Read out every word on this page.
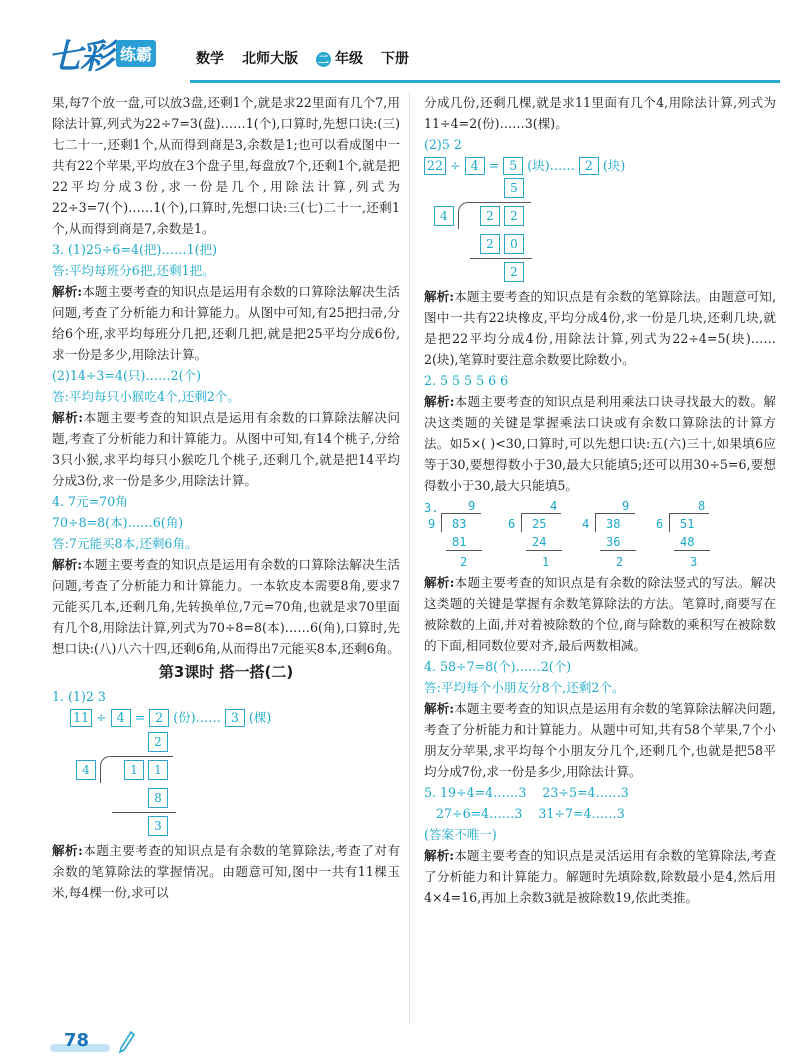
七彩 练霸	数学 北师大版 二 年级 下册

果,每7个放一盘,可以放3盘,还剩1个,就是求22里面有几个7,用除法计算,列式为22÷7=3(盘)……1(个),口算时,先想口诀:(三)七二十一,还剩1个,从而得到商是3,余数是1;也可以看成图中一共有22个苹果,平均放在3个盘子里,每盘放7个,还剩1个,就是把22平均分成3份,求一份是几个,用除法计算,列式为22÷3=7(个)……1(个),口算时,先想口诀:三(七)二十一,还剩1个,从而得到商是7,余数是1。

3. (1)25÷6=4(把)……1(把)

答:平均每班分6把,还剩1把。

解析:本题主要考查的知识点是运用有余数的口算除法解决生活问题,考查了分析能力和计算能力。从图中可知,有25把扫帚,分给6个班,求平均每班分几把,还剩几把,就是把25平均分成6份,求一份是多少,用除法计算。

(2)14÷3=4(只)……2(个)

答:平均每只小猴吃4个,还剩2个。

解析:本题主要考查的知识点是运用有余数的口算除法解决问题,考查了分析能力和计算能力。从图中可知,有14个桃子,分给3只小猴,求平均每只小猴吃几个桃子,还剩几个,就是把14平均分成3份,求一份是多少,用除法计算。

4. 7元=70角

70÷8=8(本)……6(角)

答:7元能买8本,还剩6角。

解析:本题主要考查的知识点是运用有余数的口算除法解决生活问题,考查了分析能力和计算能力。一本软皮本需要8角,要求7元能买几本,还剩几角,先转换单位,7元=70角,也就是求70里面有几个8,用除法计算,列式为70÷8=8(本)……6(角),口算时,先想口诀:(八)八六十四,还剩6角,从而得出7元能买8本,还剩6角。

第3课时 搭一搭(二)

1. (1)2 3

11 ÷ 4 = 2 (份)…… 3 (棵)

2
4	1	1
8
3

解析:本题主要考查的知识点是有余数的笔算除法,考查了对有余数的笔算除法的掌握情况。由题意可知,图中一共有11棵玉米,每4棵一份,求可以

分成几份,还剩几棵,就是求11里面有几个4,用除法计算,列式为11÷4=2(份)……3(棵)。

(2)5 2

22 ÷ 4 = 5 (块)…… 2 (块)

5
4	2	2
2	0
2

解析:本题主要考查的知识点是有余数的笔算除法。由题意可知,图中一共有22块橡皮,平均分成4份,求一份是几块,还剩几块,就是把22平均分成4份,用除法计算,列式为22÷4=5(块)……2(块),笔算时要注意余数要比除数小。

2. 5 5 5 5 6 6

解析:本题主要考查的知识点是利用乘法口诀寻找最大的数。解决这类题的关键是掌握乘法口诀或有余数口算除法的计算方法。如5×( )<30,口算时,可以先想口诀:五(六)三十,如果填6应等于30,要想得数小于30,最大只能填5;还可以用30÷5=6,要想得数小于30,最大只能填5。

3. 9
9 83
81
2
4
6 25
24
1
9
4 38
36
2
8
6 51
48
3

解析:本题主要考查的知识点是有余数的除法竖式的写法。解决这类题的关键是掌握有余数笔算除法的方法。笔算时,商要写在被除数的上面,并对着被除数的个位,商与除数的乘积写在被除数的下面,相同数位要对齐,最后两数相减。

4. 58÷7=8(个)……2(个)

答:平均每个小朋友分8个,还剩2个。

解析:本题主要考查的知识点是运用有余数的笔算除法解决问题,考查了分析能力和计算能力。从题中可知,共有58个苹果,7个小朋友分苹果,求平均每个小朋友分几个,还剩几个,也就是把58平均分成7份,求一份是多少,用除法计算。

5. 19÷4=4……3    23÷5=4……3

27÷6=4……3    31÷7=4……3

(答案不唯一)

解析:本题主要考查的知识点是灵活运用有余数的笔算除法,考查了分析能力和计算能力。解题时先填除数,除数最小是4,然后用4×4=16,再加上余数3就是被除数19,依此类推。

78
